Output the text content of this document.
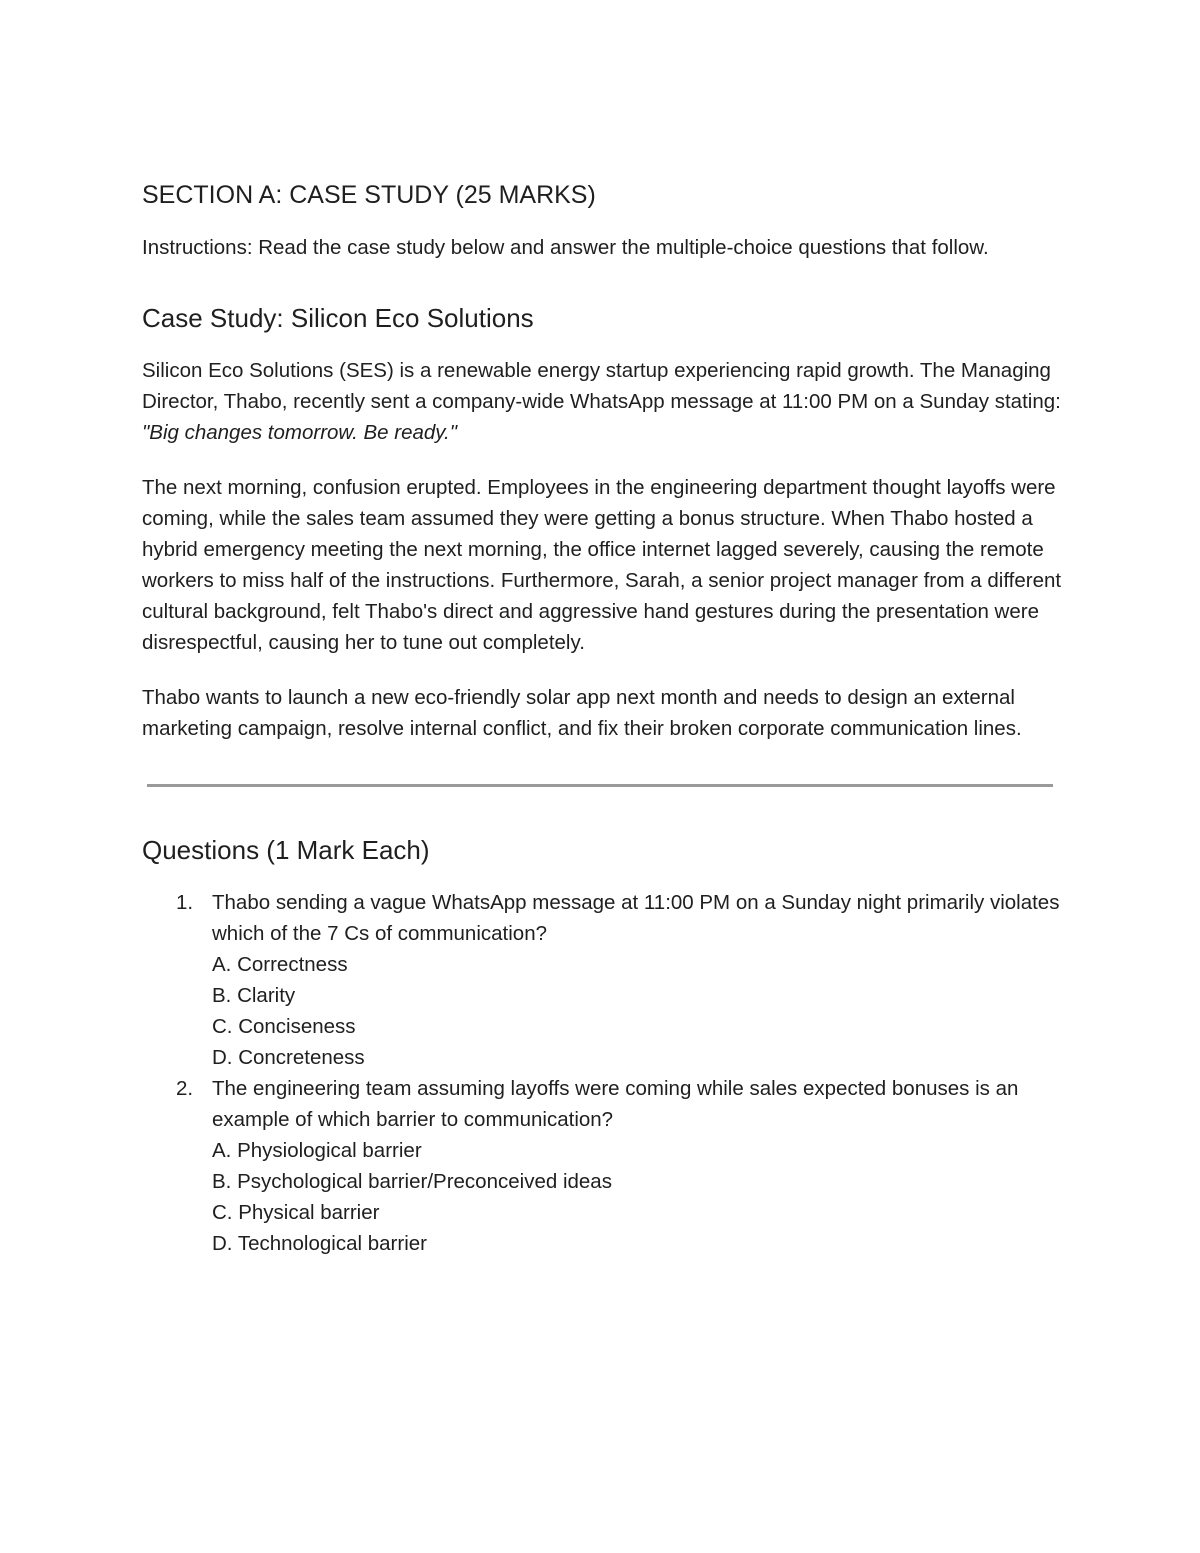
SECTION A: CASE STUDY (25 MARKS)

Instructions: Read the case study below and answer the multiple-choice questions that follow.

Case Study: Silicon Eco Solutions

Silicon Eco Solutions (SES) is a renewable energy startup experiencing rapid growth. The Managing Director, Thabo, recently sent a company-wide WhatsApp message at 11:00 PM on a Sunday stating: "Big changes tomorrow. Be ready."

The next morning, confusion erupted. Employees in the engineering department thought layoffs were coming, while the sales team assumed they were getting a bonus structure. When Thabo hosted a hybrid emergency meeting the next morning, the office internet lagged severely, causing the remote workers to miss half of the instructions. Furthermore, Sarah, a senior project manager from a different cultural background, felt Thabo's direct and aggressive hand gestures during the presentation were disrespectful, causing her to tune out completely.

Thabo wants to launch a new eco-friendly solar app next month and needs to design an external marketing campaign, resolve internal conflict, and fix their broken corporate communication lines.

Questions (1 Mark Each)
1. Thabo sending a vague WhatsApp message at 11:00 PM on a Sunday night primarily violates which of the 7 Cs of communication?
A. Correctness
B. Clarity
C. Conciseness
D. Concreteness
2. The engineering team assuming layoffs were coming while sales expected bonuses is an example of which barrier to communication?
A. Physiological barrier
B. Psychological barrier/Preconceived ideas
C. Physical barrier
D. Technological barrier
